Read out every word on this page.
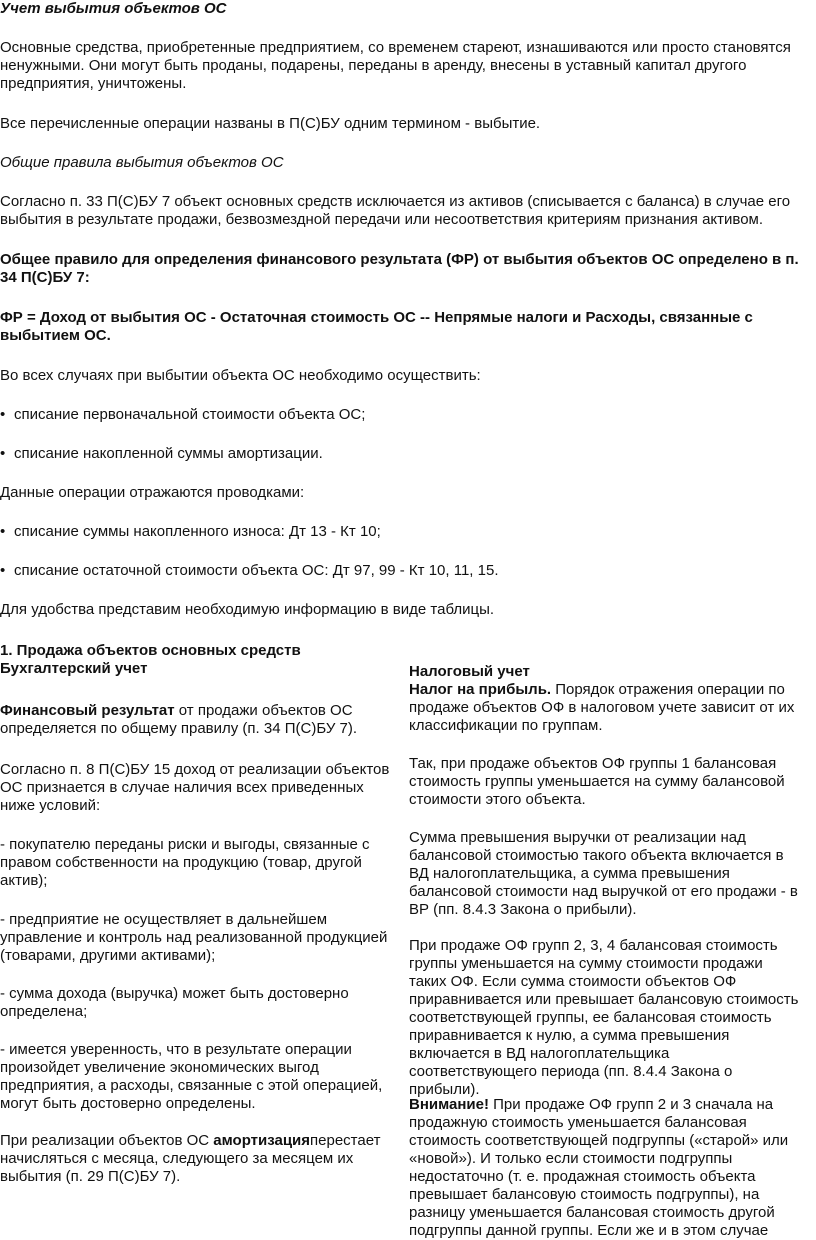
Учет выбытия объектов ОС

Основные средства, приобретенные предприятием, со временем стареют, изнашиваются или просто становятся ненужными. Они могут быть проданы, подарены, переданы в аренду, внесены в уставный капитал другого предприятия, уничтожены.

Все перечисленные операции названы в П(С)БУ одним термином - выбытие.

Общие правила выбытия объектов ОС

Согласно п. 33 П(С)БУ 7 объект основных средств исключается из активов (списывается с баланса) в случае его выбытия в результате продажи, безвозмездной передачи или несоответствия критериям признания активом.

Общее правило для определения финансового результата (ФР) от выбытия объектов ОС определено в п. 34 П(С)БУ 7:

ФР = Доход от выбытия ОС - Остаточная стоимость ОС -- Непрямые налоги и Расходы, связанные с выбытием ОС.

Во всех случаях при выбытии объекта ОС необходимо осуществить:

• списание первоначальной стоимости объекта ОС;

• списание накопленной суммы амортизации.

Данные операции отражаются проводками:

• списание суммы накопленного износа: Дт 13 - Кт 10;

• списание остаточной стоимости объекта ОС: Дт 97, 99 - Кт 10, 11, 15.

Для удобства представим необходимую информацию в виде таблицы.

1. Продажа объектов основных средств

Бухгалтерский учет

Финансовый результат от продажи объектов ОС определяется по общему правилу (п. 34 П(С)БУ 7).

Согласно п. 8 П(С)БУ 15 доход от реализации объектов ОС признается в случае наличия всех приведенных ниже условий:

- покупателю переданы риски и выгоды, связанные с правом собственности на продукцию (товар, другой актив);

- предприятие не осуществляет в дальнейшем управление и контроль над реализованной продукцией (товарами, другими активами);

- сумма дохода (выручка) может быть достоверно определена;

- имеется уверенность, что в результате операции произойдет увеличение экономических выгод предприятия, а расходы, связанные с этой операцией, могут быть достоверно определены.

При реализации объектов ОС амортизацияперестает начисляться с месяца, следующего за месяцем их выбытия (п. 29 П(С)БУ 7).

Налоговый учет

Налог на прибыль. Порядок отражения операции по продаже объектов ОФ в налоговом учете зависит от их классификации по группам.

Так, при продаже объектов ОФ группы 1 балансовая стоимость группы уменьшается на сумму балансовой стоимости этого объекта.

Сумма превышения выручки от реализации над балансовой стоимостью такого объекта включается в ВД налогоплательщика, а сумма превышения балансовой стоимости над выручкой от его продажи - в ВР (пп. 8.4.3 Закона о прибыли).

При продаже ОФ групп 2, 3, 4 балансовая стоимость группы уменьшается на сумму стоимости продажи таких ОФ. Если сумма стоимости объектов ОФ приравнивается или превышает балансовую стоимость соответствующей группы, ее балансовая стоимость приравнивается к нулю, а сумма превышения включается в ВД налогоплательщика соответствующего периода (пп. 8.4.4 Закона о прибыли).

Внимание! При продаже ОФ групп 2 и 3 сначала на продажную стоимость уменьшается балансовая стоимость соответствующей подгруппы («старой» или «новой»). И только если стоимости подгруппы недостаточно (т. е. продажная стоимость объекта превышает балансовую стоимость подгруппы), на разницу уменьшается балансовая стоимость другой подгруппы данной группы. Если же и в этом случае
